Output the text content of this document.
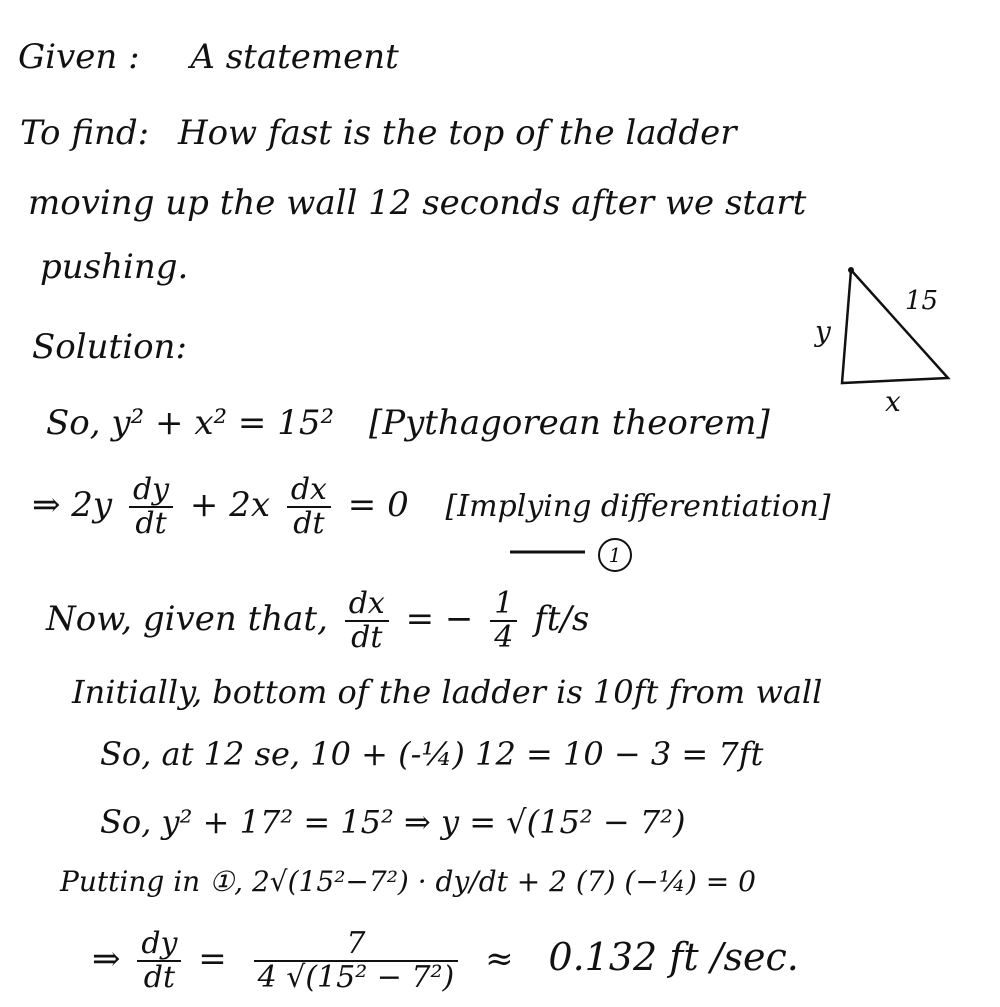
Given : A statement
To find: How fast is the top of the ladder
moving up the wall 12 seconds after we start
pushing.
y
15
x
Solution:
So, y² + x² = 15² [Pythagorean theorem]
⇒ $2y \frac{dy}{dt} + 2x \frac{dx}{dt} = 0$ [Implying differentiation]
1
Now, given that, $\frac{dx}{dt}$ = − $\frac{1}{4} ft/s$
Initially, bottom of the ladder is 10ft from wall
So, at 12 se, 10 + (-¼) 12 = 10 − 3 = 7ft
So, y² + 17² = 15² ⇒ y = √(15² − 7²)
Putting in ①, 2√(15²−7²) · dy/dt + 2 (7) (−¼) = 0
⇒ $\frac{dy}{dt} = \frac{7}{\text{4 √(15² − 7²)}} \approx 0.132$ ft /sec.
